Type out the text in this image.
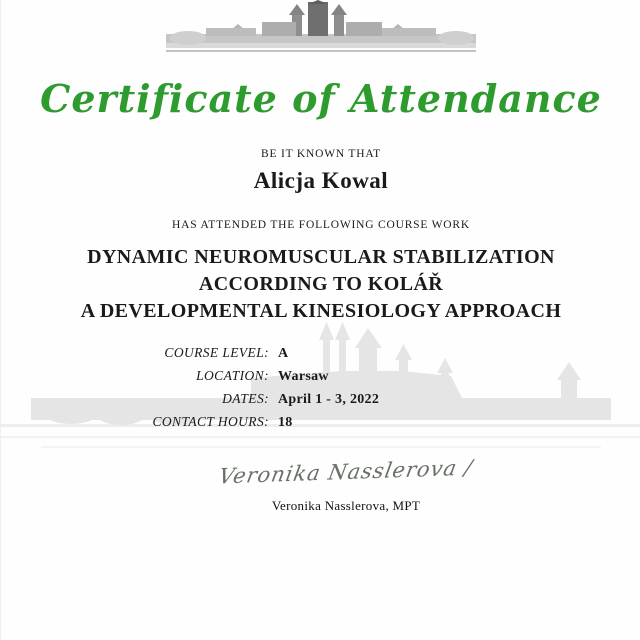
Certificate of Attendance
BE IT KNOWN THAT
Alicja Kowal
HAS ATTENDED THE FOLLOWING COURSE WORK
DYNAMIC NEUROMUSCULAR STABILIZATION
ACCORDING TO KOLÁŘ
A DEVELOPMENTAL KINESIOLOGY APPROACH
COURSE LEVEL: A
LOCATION: Warsaw
DATES: April 1 - 3, 2022
CONTACT HOURS: 18
Veronika Nasslerova /
Veronika Nasslerova, MPT
